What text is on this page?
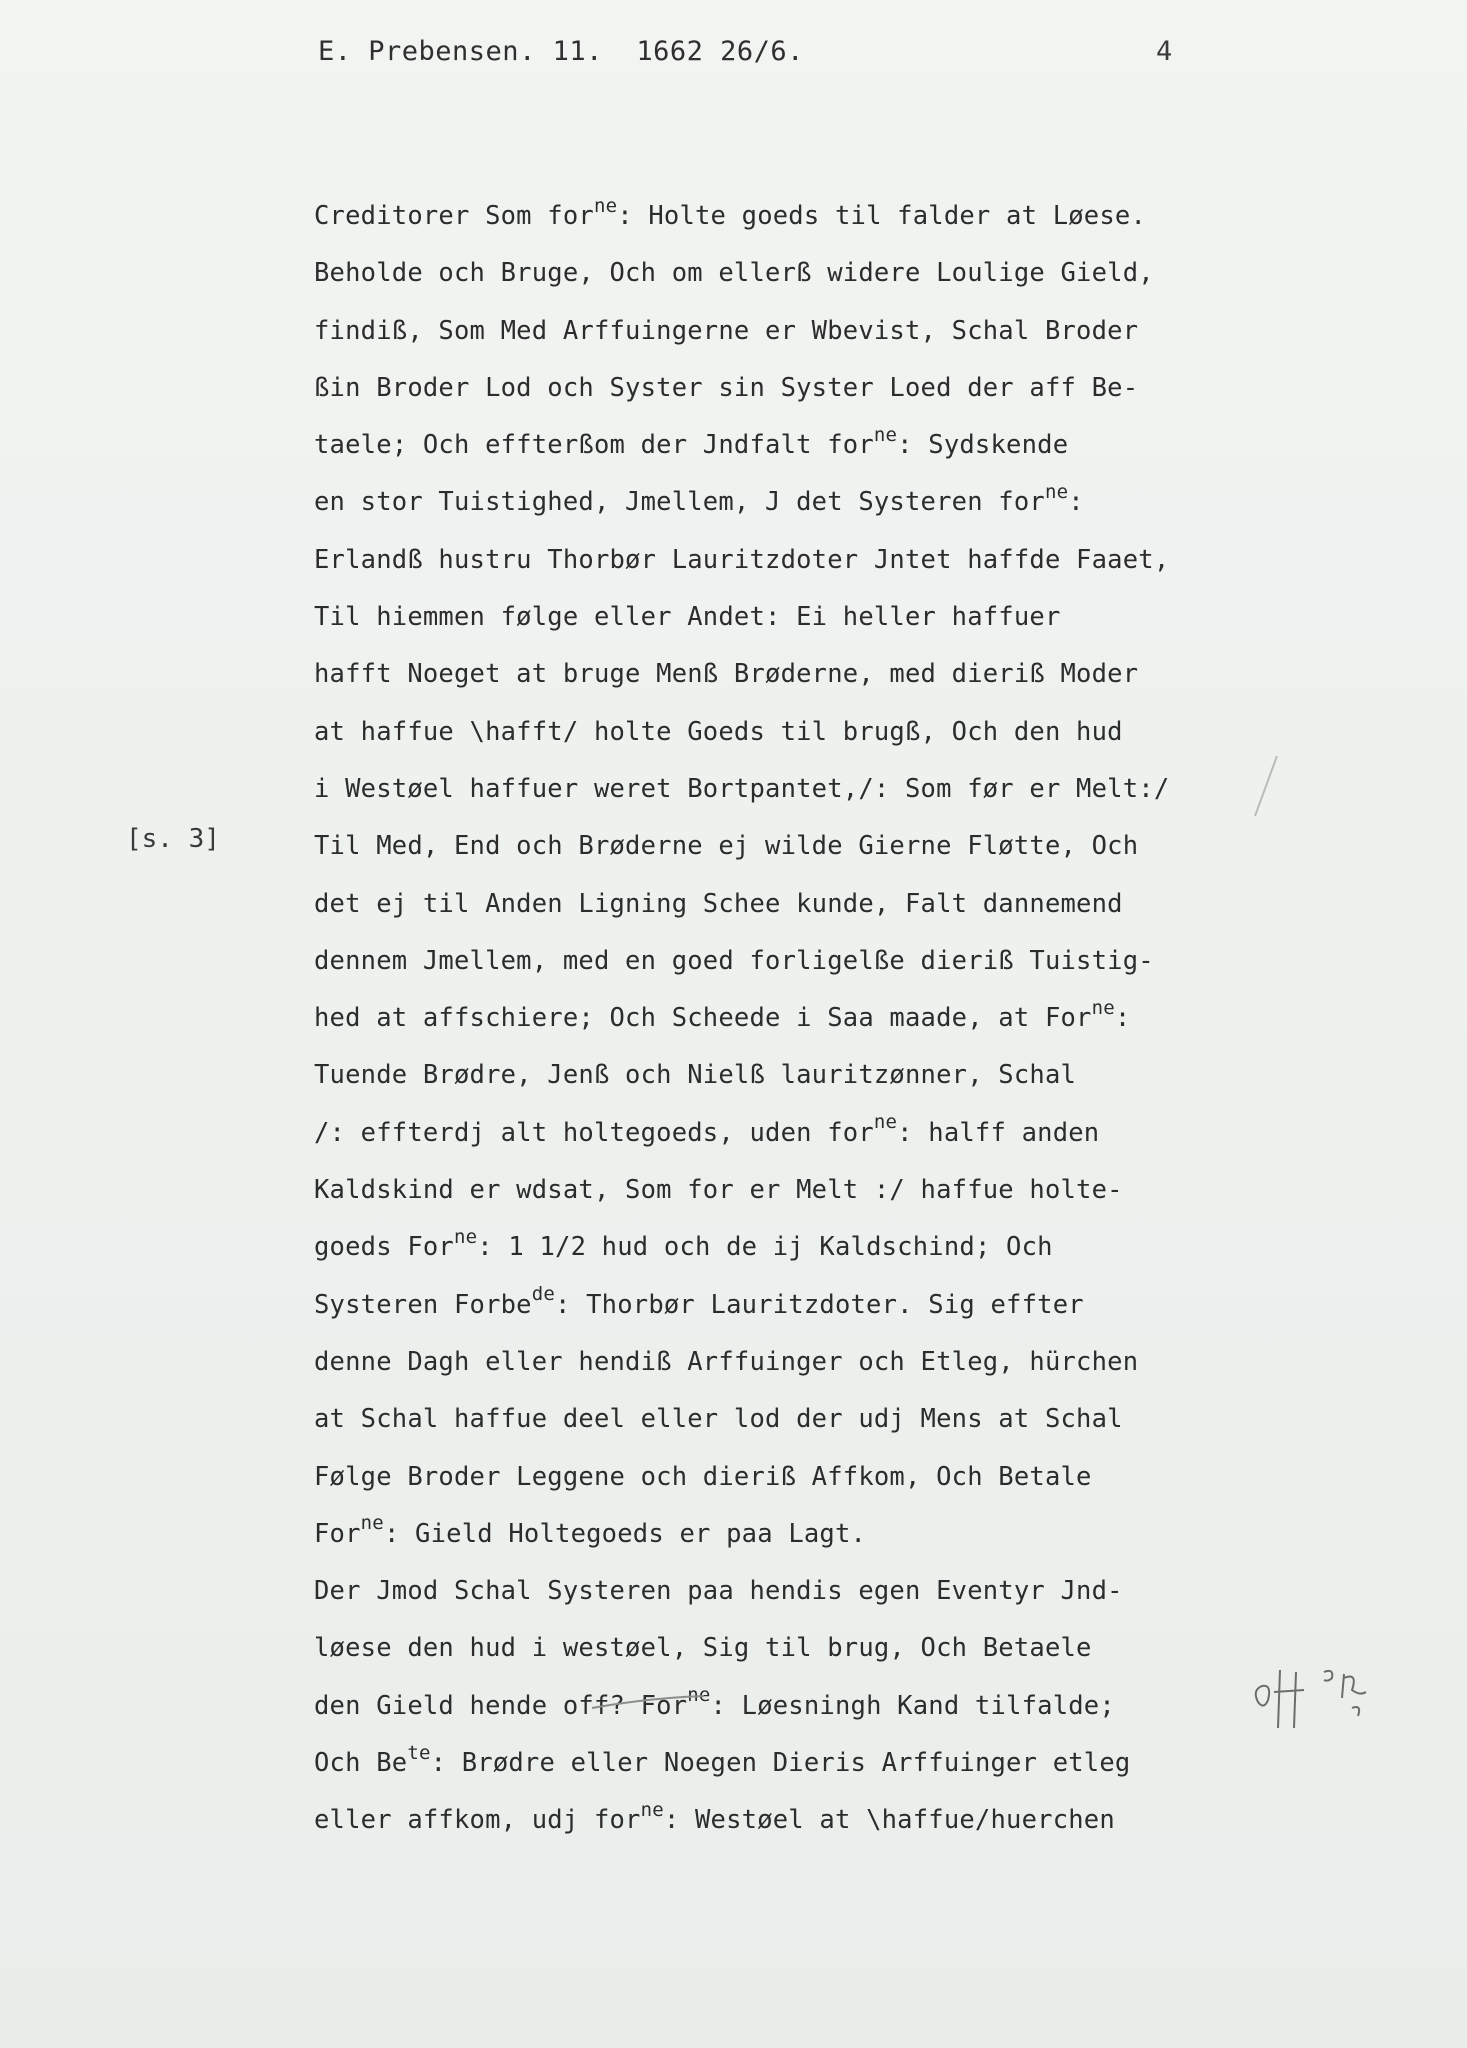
E. Prebensen. 11.  1662 26/6.	4
[s. 3]
Creditorer Som for$^{ne}$: Holte goeds til falder at Løese.
Beholde och Bruge, Och om ellerß widere Loulige Gield,
findiß, Som Med Arffuingerne er Wbevist, Schal Broder
ßin Broder Lod och Syster sin Syster Loed der aff Be-
taele; Och effterßom der Jndfalt for$^{ne}$: Sydskende
en stor Tuistighed, Jmellem, J det Systeren for$^{ne}$:
Erlandß hustru Thorbør Lauritzdoter Jntet haffde Faaet,
Til hiemmen følge eller Andet: Ei heller haffuer
hafft Noeget at bruge Menß Brøderne, med dieriß Moder
at haffue \hafft/ holte Goeds til brugß, Och den hud
i Westøel haffuer weret Bortpantet,/: Som før er Melt:/
Til Med, End och Brøderne ej wilde Gierne Fløtte, Och
det ej til Anden Ligning Schee kunde, Falt dannemend
dennem Jmellem, med en goed forligelße dieriß Tuistig-
hed at affschiere; Och Scheede i Saa maade, at For$^{ne}$:
Tuende Brødre, Jenß och Nielß lauritzønner, Schal
/: effterdj alt holtegoeds, uden for$^{ne}$: halff anden
Kaldskind er wdsat, Som for er Melt :/ haffue holte-
goeds For$^{ne}$: 1 1/2 hud och de ij Kaldschind; Och
Systeren Forbe$^{de}$: Thorbør Lauritzdoter. Sig effter
denne Dagh eller hendiß Arffuinger och Etleg, hürchen
at Schal haffue deel eller lod der udj Mens at Schal
Følge Broder Leggene och dieriß Affkom, Och Betale
For$^{ne}$: Gield Holtegoeds er paa Lagt.
Der Jmod Schal Systeren paa hendis egen Eventyr Jnd-
løese den hud i westøel, Sig til brug, Och Betaele
den Gield hende off? For$^{ne}$: Løesningh Kand tilfalde;
Och $Be^{te}$: Brødre eller Noegen Dieris Arffuinger etleg
eller affkom, udj for$^{ne}$: Westøel at \haffue/huerchen
